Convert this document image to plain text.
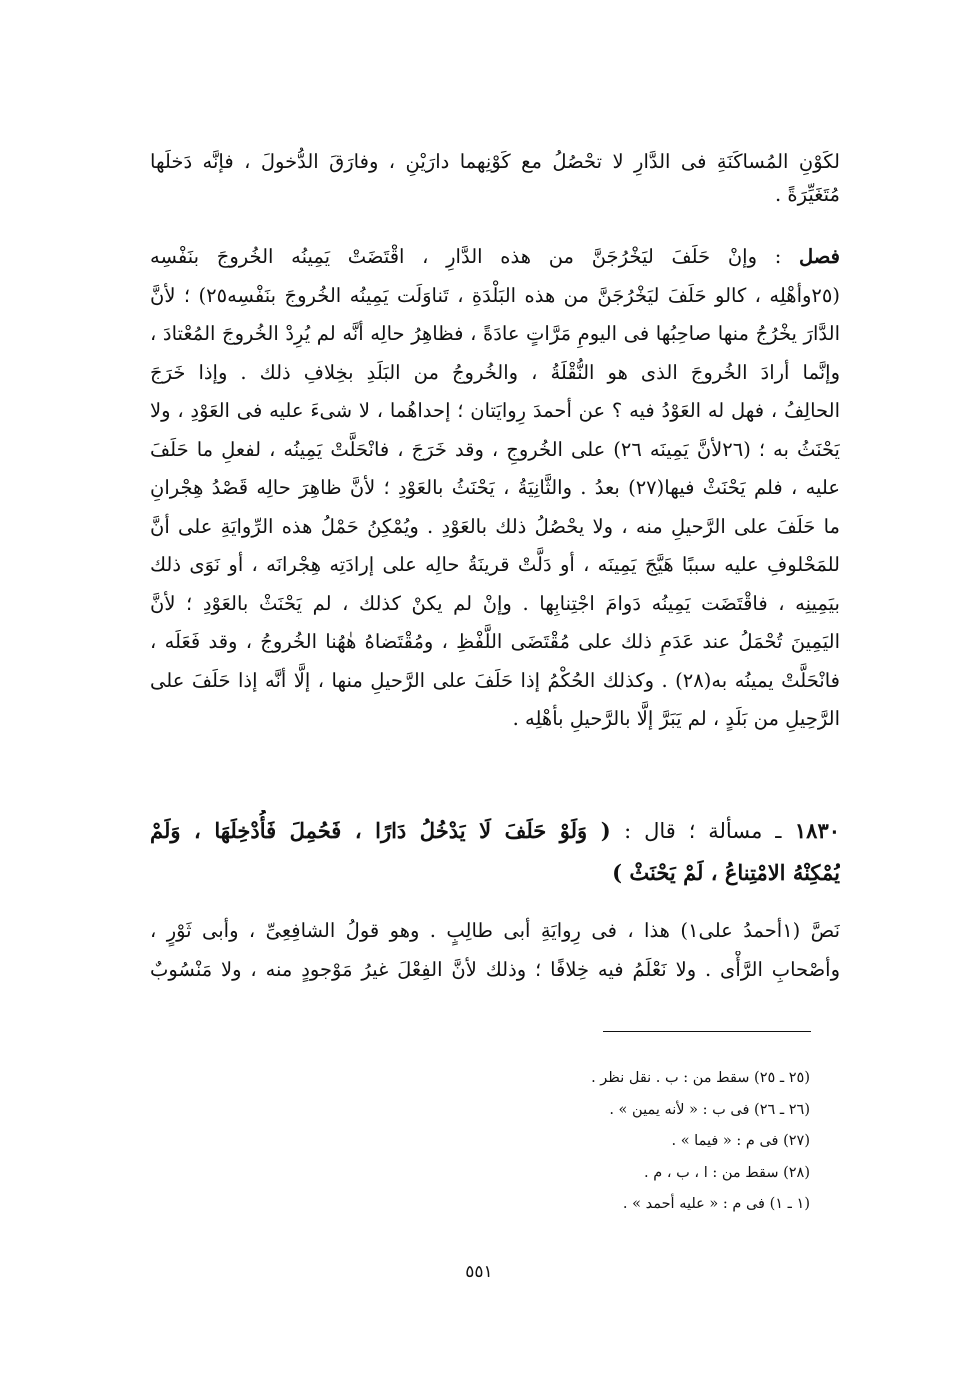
لكَوْنِ المُساكَنَةِ فى الدَّارِ لا تحْصُلُ مع كَوْنِهما دارَيْنِ ، وفارَقَ الدُّخولَ ، فإنَّه دَخلَها
مُتَغَيِّرَةً .
فصل : وإنْ حَلَفَ ليَخْرُجَنَّ من هذه الدَّارِ ، اقْتَضَتْ يَمِينُه الخُروجَ بنَفْسِه
(٢٥وأهْلِه ، كالو حَلَفَ ليَخْرُجَنَّ من هذه البَلْدَةِ ، تَناوَلَت يَمِينُه الخُروجَ بنَفْسِه٢٥) ؛ لأنَّ
الدَّارَ يخْرُجُ منها صاحِبُها فى اليومِ مَرَّاتٍ عادَةً ، فظاهِرُ حالِه أنَّه لم يُرِدْ الخُروجَ المُعْتادَ ،
وإنَّما أرادَ الخُروجَ الذى هو النُّقْلَةُ ، والخُروجُ من البَلَدِ بخِلافِ ذلك . وإذا خَرَجَ
الحالِفُ ، فهل له العَوْدُ فيه ؟ عن أحمدَ رِوايَتان ؛ إحداهُما ، لا شىءَ عليه فى العَوْدِ ، ولا
يَحْنَثُ به ؛ (٢٦لأنَّ يَمِينَه ٢٦) على الخُروجِ ، وقد خَرَجَ ، فانْحَلَّتْ يَمِينُه ، لفعلِ ما حَلَفَ
عليه ، فلم يَحْنَثْ فيها(٢٧) بعدُ . والثَّانِيَةُ ، يَحْنَثُ بالعَوْدِ ؛ لأنَّ ظاهِرَ حالِه قَصْدُ هِجْرانِ
ما حَلَفَ على الرَّحيلِ منه ، ولا يحْصُلُ ذلك بالعَوْدِ . ويُمْكِنُ حَمْلُ هذه الرِّوايَةِ على أنَّ
للمَحْلوفِ عليه سببًا هَيَّجَ يَمِينَه ، أو دَلَّتْ قرينَةُ حالِه على إرادَتِه هِجْرانَه ، أو نَوَى ذلك
بيَمِينِه ، فاقْتَضَت يَمِينُه دَوامَ اجْتِنابِها . وإنْ لم يكنْ كذلك ، لم يَحْنَثْ بالعَوْدِ ؛ لأنَّ
اليَمِينَ تُحْمَلُ عند عَدَمِ ذلك على مُقْتَضَى اللَّفْظِ ، ومُقْتَضاهُ هٰهُنا الخُروجُ ، وقد فَعَلَه ،
فانْحَلَّتْ يمينُه به(٢٨) . وكذلك الحُكْمُ إذا حَلَفَ على الرَّحيلِ منها ، إلَّا أنَّه إذا حَلَفَ على
الرَّحِيلِ من بَلَدٍ ، لم يَبَرَّ إلَّا بالرَّحيلِ بأهْلِه .
١٨٣٠ ـ مسألة ؛ قال : ( وَلَوْ حَلَفَ لَا يَدْخُلُ دَارًا ، فَحُمِلَ فَأُدْخِلَهَا ، وَلَمْ
يُمْكِنْهُ الامْتِناعُ ، لَمْ يَحْنَثْ )
نَصَّ (١أحمدُ على١) هذا ، فى رِوايَةِ أبى طالِبٍ . وهو قولُ الشافِعِىِّ ، وأبى ثَوْرٍ ،
وأصْحابِ الرَّأْى . ولا نَعْلَمُ فيه خِلافًا ؛ وذلك لأنَّ الفِعْلَ غيرُ مَوْجودٍ منه ، ولا مَنْسُوبٌ
(٢٥ ـ ٢٥) سقط من : ب . نقل نظر .
(٢٦ ـ ٢٦) فى ب : « لأنه يمين » .
(٢٧) فى م : « فيما » .
(٢٨) سقط من : ا ، ب ، م .
(١ ـ ١) فى م : « عليه أحمد » .
٥٥١
